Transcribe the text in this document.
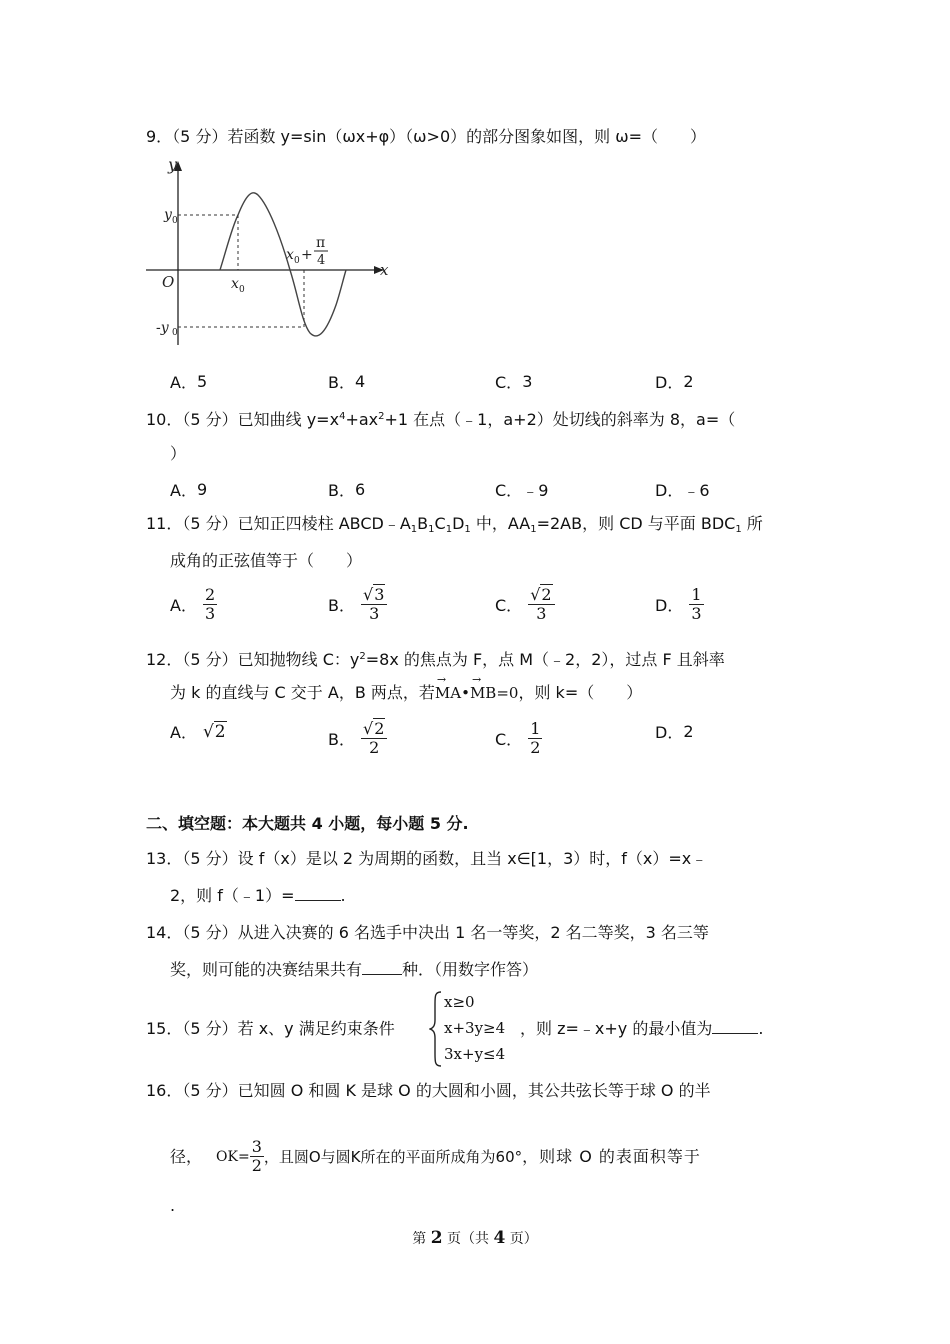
9．（5 分）若函数 y=sin（ωx+φ）（ω>0）的部分图象如图，则 ω=（　　）
y
x
O
y 0
-y 0
x 0
x 0 +
π
4
A． 5	B． 4	C． 3	D． 2
10．（5 分）已知曲线 $y=x^4+ax^2+1$ 在点（﹣1，a+2）处切线的斜率为 8，a=（
）
A． 9	B． 6	C． ﹣9	D． ﹣6
11．（5 分）已知正四棱柱 $ABCD﹣A_1B_1C_1D_1$ 中，$AA_1=2AB$，则 CD 与平面 $BDC_1$ 所
成角的正弦值等于（　　）
A． $\frac{2}{3}$	B． $\frac{√3}{3}$	C． $\frac{√2}{3}$	D． $\frac{1}{3}$
12．（5 分）已知抛物线 C：$y^2=8x$ 的焦点为 F，点 M（﹣2，2），过点 F 且斜率
为 k 的直线与 C 交于 A，B 两点，若→ MA•→ MB=0，则 k=（　　）
A． √2	B． $\frac{√2}{2}$	C． $\frac{1}{2}$	D． 2
二、填空题：本大题共 4 小题，每小题 5 分.
13．（5 分）设 f（x）是以 2 为周期的函数，且当 x∈[1，3）时，f（x）=x﹣
2，则 f（﹣1）=	.
14．（5 分）从进入决赛的 6 名选手中决出 1 名一等奖，2 名二等奖，3 名三等
奖，则可能的决赛结果共有	种．（用数字作答）
15．（5 分）若 x、y 满足约束条件
x≥0
x+3y≥4
3x+y≤4
，则 z=﹣x+y 的最小值为	.
16．（5 分）已知圆 O 和圆 K 是球 O 的大圆和小圆，其公共弦长等于球 O 的半
径， $OK= \frac{3}{2}$ ，且圆O与圆K所在的平面所成角为60° ，则球 O 的表面积等于
.
第 2 页（共 4 页）
